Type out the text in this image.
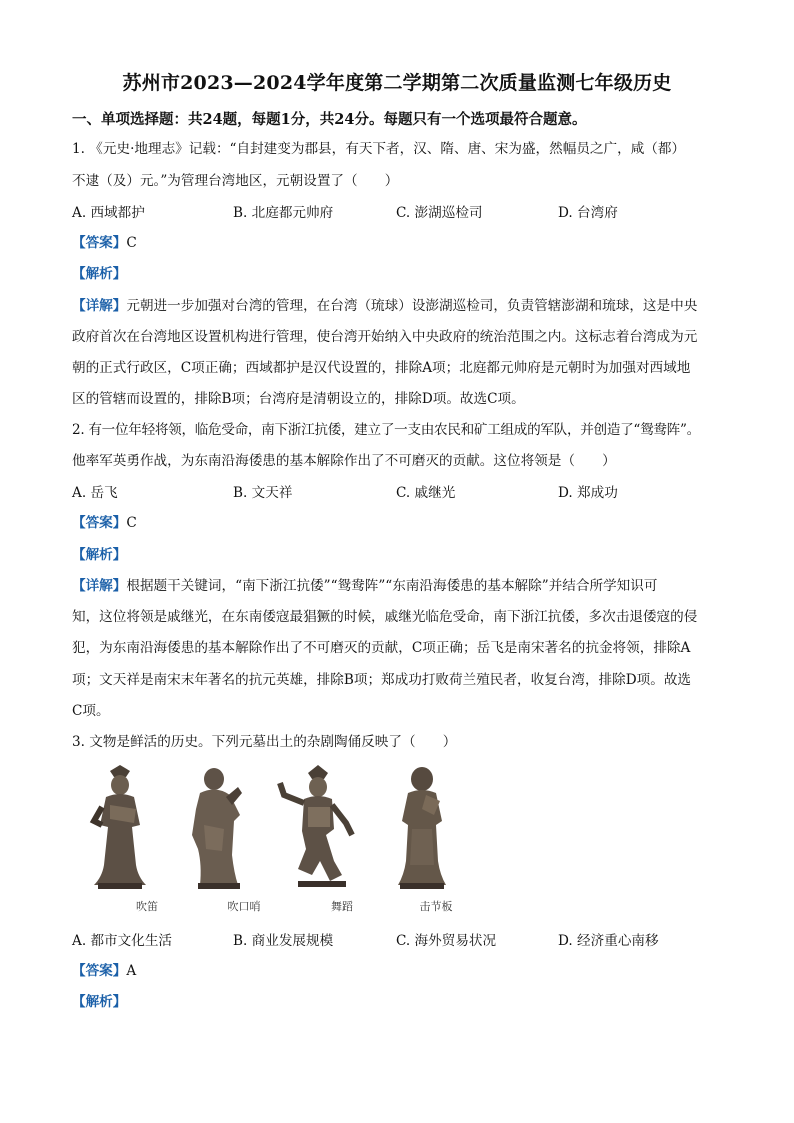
苏州市2023—2024学年度第二学期第二次质量监测七年级历史
一、单项选择题：共24题，每题1分，共24分。每题只有一个选项最符合题意。
1. 《元史·地理志》记载：“自封建变为郡县，有天下者，汉、隋、唐、宋为盛，然幅员之广，咸（都）
不逮（及）元。”为管理台湾地区，元朝设置了（　　）
A. 西域都护	B. 北庭都元帅府	C. 澎湖巡检司	D. 台湾府
【答案】C
【解析】
【详解】元朝进一步加强对台湾的管理，在台湾（琉球）设澎湖巡检司，负责管辖澎湖和琉球，这是中央
政府首次在台湾地区设置机构进行管理，使台湾开始纳入中央政府的统治范围之内。这标志着台湾成为元
朝的正式行政区，C项正确；西域都护是汉代设置的，排除A项；北庭都元帅府是元朝时为加强对西域地
区的管辖而设置的，排除B项；台湾府是清朝设立的，排除D项。故选C项。
2. 有一位年轻将领，临危受命，南下浙江抗倭，建立了一支由农民和矿工组成的军队，并创造了“鸳鸯阵”。
他率军英勇作战，为东南沿海倭患的基本解除作出了不可磨灭的贡献。这位将领是（　　）
A. 岳飞	B. 文天祥	C. 戚继光	D. 郑成功
【答案】C
【解析】
【详解】根据题干关键词，“南下浙江抗倭”“鸳鸯阵”“东南沿海倭患的基本解除”并结合所学知识可
知，这位将领是戚继光，在东南倭寇最猖獗的时候，戚继光临危受命，南下浙江抗倭，多次击退倭寇的侵
犯，为东南沿海倭患的基本解除作出了不可磨灭的贡献，C项正确；岳飞是南宋著名的抗金将领，排除A
项；文天祥是南宋末年著名的抗元英雄，排除B项；郑成功打败荷兰殖民者，收复台湾，排除D项。故选
C项。
3. 文物是鲜活的历史。下列元墓出土的杂剧陶俑反映了（　　）
吹笛	吹口哨	舞蹈	击节板
A. 都市文化生活	B. 商业发展规模	C. 海外贸易状况	D. 经济重心南移
【答案】A
【解析】
